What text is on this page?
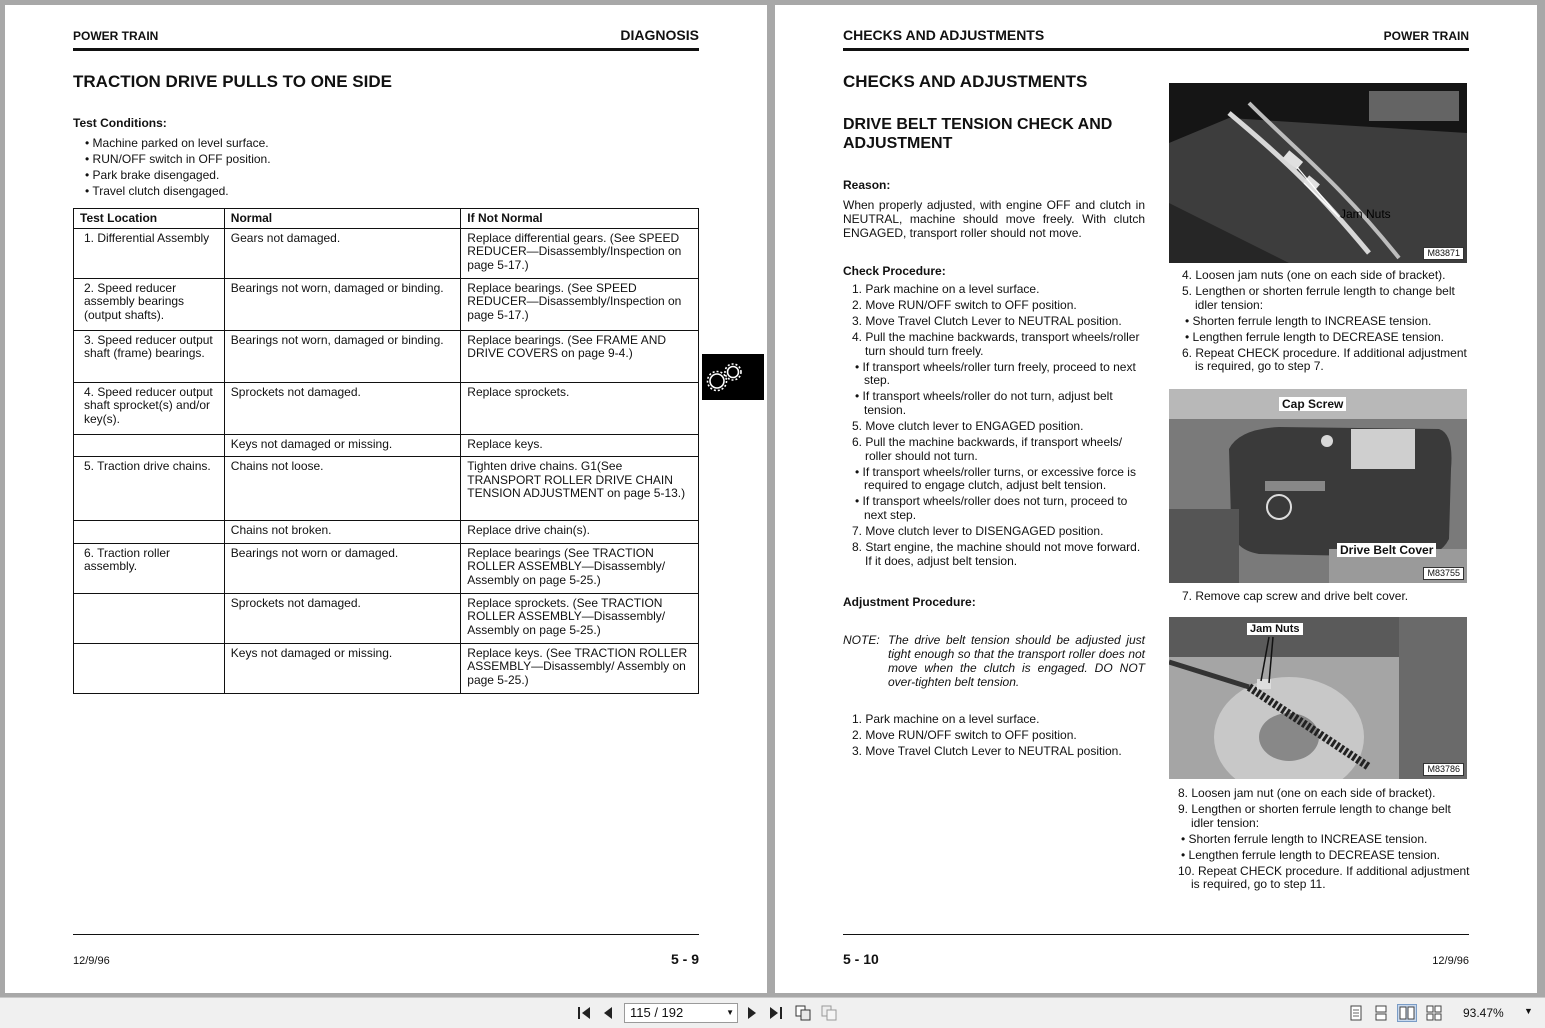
POWER TRAIN	DIAGNOSIS
TRACTION DRIVE PULLS TO ONE SIDE
Test Conditions:
• Machine parked on level surface.
• RUN/OFF switch in OFF position.
• Park brake disengaged.
• Travel clutch disengaged.
Test Location	Normal	If Not Normal
1. Differential Assembly	Gears not damaged.	Replace differential gears. (See SPEED REDUCER—Disassembly/Inspection on page 5-17.)
2. Speed reducer assembly bearings (output shafts).	Bearings not worn, damaged or binding.	Replace bearings. (See SPEED REDUCER—Disassembly/Inspection on page 5-17.)
3. Speed reducer output shaft (frame) bearings.	Bearings not worn, damaged or binding.	Replace bearings. (See FRAME AND DRIVE COVERS on page 9-4.)
4. Speed reducer output shaft sprocket(s) and/or key(s).	Sprockets not damaged.	Replace sprockets.
	Keys not damaged or missing.	Replace keys.
5. Traction drive chains.	Chains not loose.	Tighten drive chains. G1(See TRANSPORT ROLLER DRIVE CHAIN TENSION ADJUSTMENT on page 5-13.)
	Chains not broken.	Replace drive chain(s).
6. Traction roller assembly.	Bearings not worn or damaged.	Replace bearings (See TRACTION ROLLER ASSEMBLY—Disassembly/ Assembly on page 5-25.)
	Sprockets not damaged.	Replace sprockets. (See TRACTION ROLLER ASSEMBLY—Disassembly/ Assembly on page 5-25.)
	Keys not damaged or missing.	Replace keys. (See TRACTION ROLLER ASSEMBLY—Disassembly/ Assembly on page 5-25.)
12/9/96	5 - 9
CHECKS AND ADJUSTMENTS	POWER TRAIN
CHECKS AND ADJUSTMENTS
DRIVE BELT TENSION CHECK AND ADJUSTMENT
Reason:
When properly adjusted, with engine OFF and clutch in NEUTRAL, machine should move freely. With clutch ENGAGED, transport roller should not move.
Check Procedure:
1. Park machine on a level surface.
2. Move RUN/OFF switch to OFF position.
3. Move Travel Clutch Lever to NEUTRAL position.
4. Pull the machine backwards, transport wheels/roller turn should turn freely.
• If transport wheels/roller turn freely, proceed to next step.
• If transport wheels/roller do not turn, adjust belt tension.
5. Move clutch lever to ENGAGED position.
6. Pull the machine backwards, if transport wheels/ roller should not turn.
• If transport wheels/roller turns, or excessive force is required to engage clutch, adjust belt tension.
• If transport wheels/roller does not turn, proceed to next step.
7. Move clutch lever to DISENGAGED position.
8. Start engine, the machine should not move forward. If it does, adjust belt tension.
Adjustment Procedure:
NOTE: The drive belt tension should be adjusted just tight enough so that the transport roller does not move when the clutch is engaged. DO NOT over-tighten belt tension.
1. Park machine on a level surface.
2. Move RUN/OFF switch to OFF position.
3. Move Travel Clutch Lever to NEUTRAL position.
Jam Nuts
M83871
4. Loosen jam nuts (one on each side of bracket).
5. Lengthen or shorten ferrule length to change belt idler tension:
• Shorten ferrule length to INCREASE tension.
• Lengthen ferrule length to DECREASE tension.
6. Repeat CHECK procedure. If additional adjustment is required, go to step 7.
Cap Screw
Drive Belt Cover
M83755
7. Remove cap screw and drive belt cover.
Jam Nuts
M83786
8. Loosen jam nut (one on each side of bracket).
9. Lengthen or shorten ferrule length to change belt idler tension:
• Shorten ferrule length to INCREASE tension.
• Lengthen ferrule length to DECREASE tension.
10. Repeat CHECK procedure. If additional adjustment is required, go to step 11.
5 - 10	12/9/96
115 / 192	▼	93.47% ▼
